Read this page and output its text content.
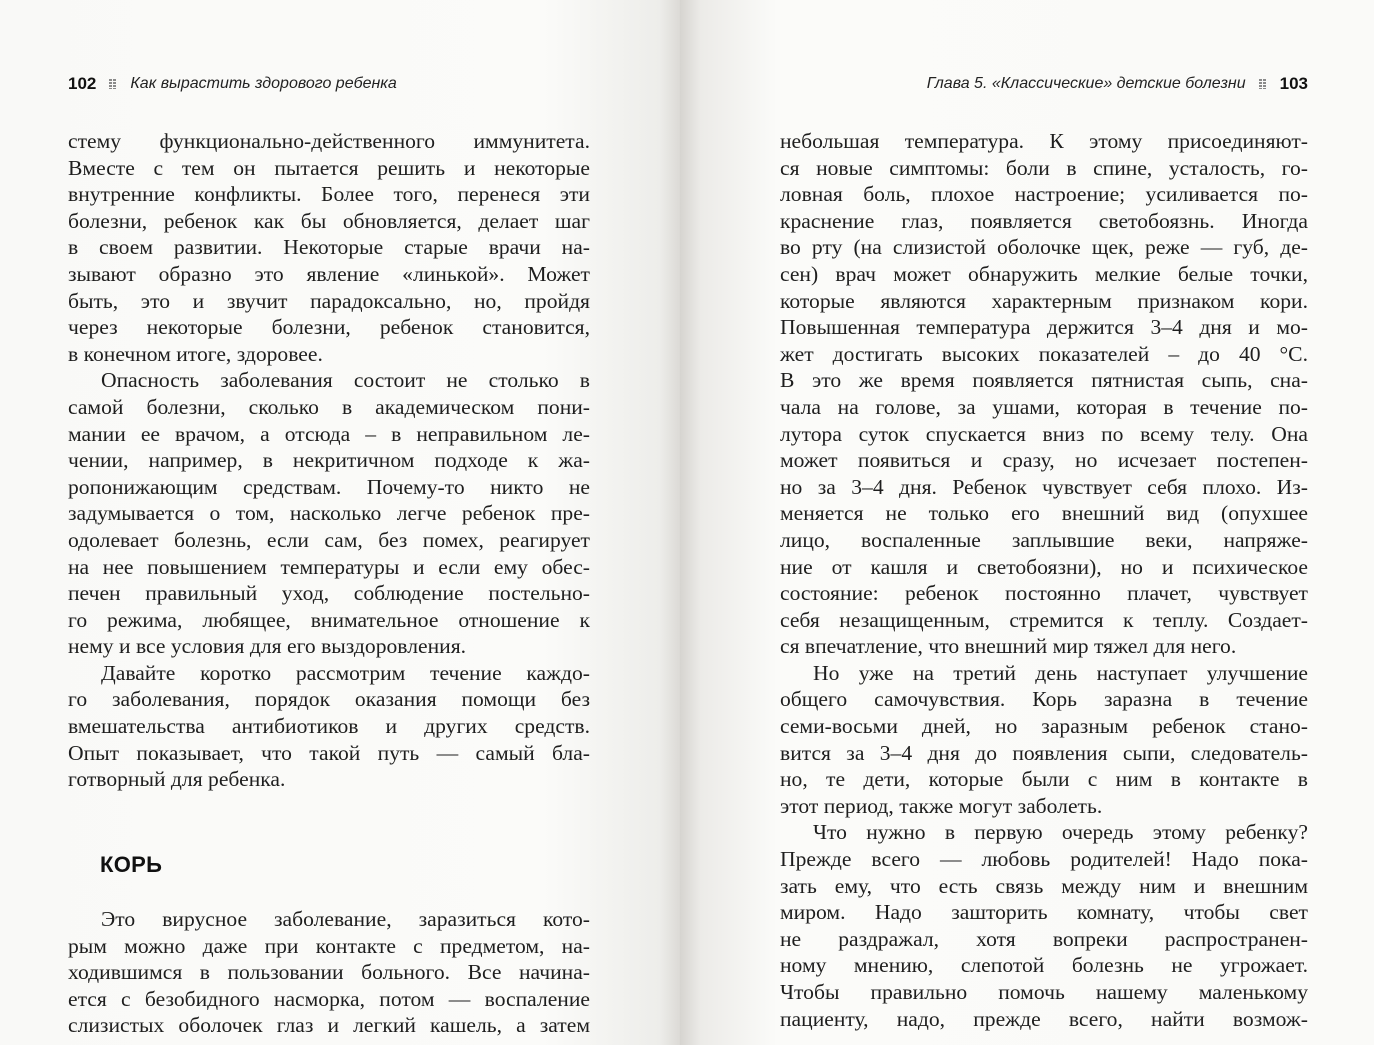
102 Как вырастить здорового ребенка	Глава 5. «Классические» детские болезни 103
стему функционально-действенного иммунитета.
Вместе с тем он пытается решить и некоторые
внутренние конфликты. Более того, перенеся эти
болезни, ребенок как бы обновляется, делает шаг
в своем развитии. Некоторые старые врачи на-
зывают образно это явление «линькой». Может
быть, это и звучит парадоксально, но, пройдя
через некоторые болезни, ребенок становится,
в конечном итоге, здоровее.
Опасность заболевания состоит не столько в
самой болезни, сколько в академическом пони-
мании ее врачом, а отсюда – в неправильном ле-
чении, например, в некритичном подходе к жа-
ропонижающим средствам. Почему-то никто не
задумывается о том, насколько легче ребенок пре-
одолевает болезнь, если сам, без помех, реагирует
на нее повышением температуры и если ему обес-
печен правильный уход, соблюдение постельно-
го режима, любящее, внимательное отношение к
нему и все условия для его выздоровления.
Давайте коротко рассмотрим течение каждо-
го заболевания, порядок оказания помощи без
вмешательства антибиотиков и других средств.
Опыт показывает, что такой путь — самый бла-
готворный для ребенка.
КОРЬ
Это вирусное заболевание, заразиться кото-
рым можно даже при контакте с предметом, на-
ходившимся в пользовании больного. Все начина-
ется с безобидного насморка, потом — воспаление
слизистых оболочек глаз и легкий кашель, а затем
небольшая температура. К этому присоединяют-
ся новые симптомы: боли в спине, усталость, го-
ловная боль, плохое настроение; усиливается по-
краснение глаз, появляется светобоязнь. Иногда
во рту (на слизистой оболочке щек, реже — губ, де-
сен) врач может обнаружить мелкие белые точки,
которые являются характерным признаком кори.
Повышенная температура держится 3–4 дня и мо-
жет достигать высоких показателей – до 40 °С.
В это же время появляется пятнистая сыпь, сна-
чала на голове, за ушами, которая в течение по-
лутора суток спускается вниз по всему телу. Она
может появиться и сразу, но исчезает постепен-
но за 3–4 дня. Ребенок чувствует себя плохо. Из-
меняется не только его внешний вид (опухшее
лицо, воспаленные заплывшие веки, напряже-
ние от кашля и светобоязни), но и психическое
состояние: ребенок постоянно плачет, чувствует
себя незащищенным, стремится к теплу. Создает-
ся впечатление, что внешний мир тяжел для него.
Но уже на третий день наступает улучшение
общего самочувствия. Корь заразна в течение
семи-восьми дней, но заразным ребенок стано-
вится за 3–4 дня до появления сыпи, следователь-
но, те дети, которые были с ним в контакте в
этот период, также могут заболеть.
Что нужно в первую очередь этому ребенку?
Прежде всего — любовь родителей! Надо пока-
зать ему, что есть связь между ним и внешним
миром. Надо зашторить комнату, чтобы свет
не раздражал, хотя вопреки распространен-
ному мнению, слепотой болезнь не угрожает.
Чтобы правильно помочь нашему маленькому
пациенту, надо, прежде всего, найти возмож-
